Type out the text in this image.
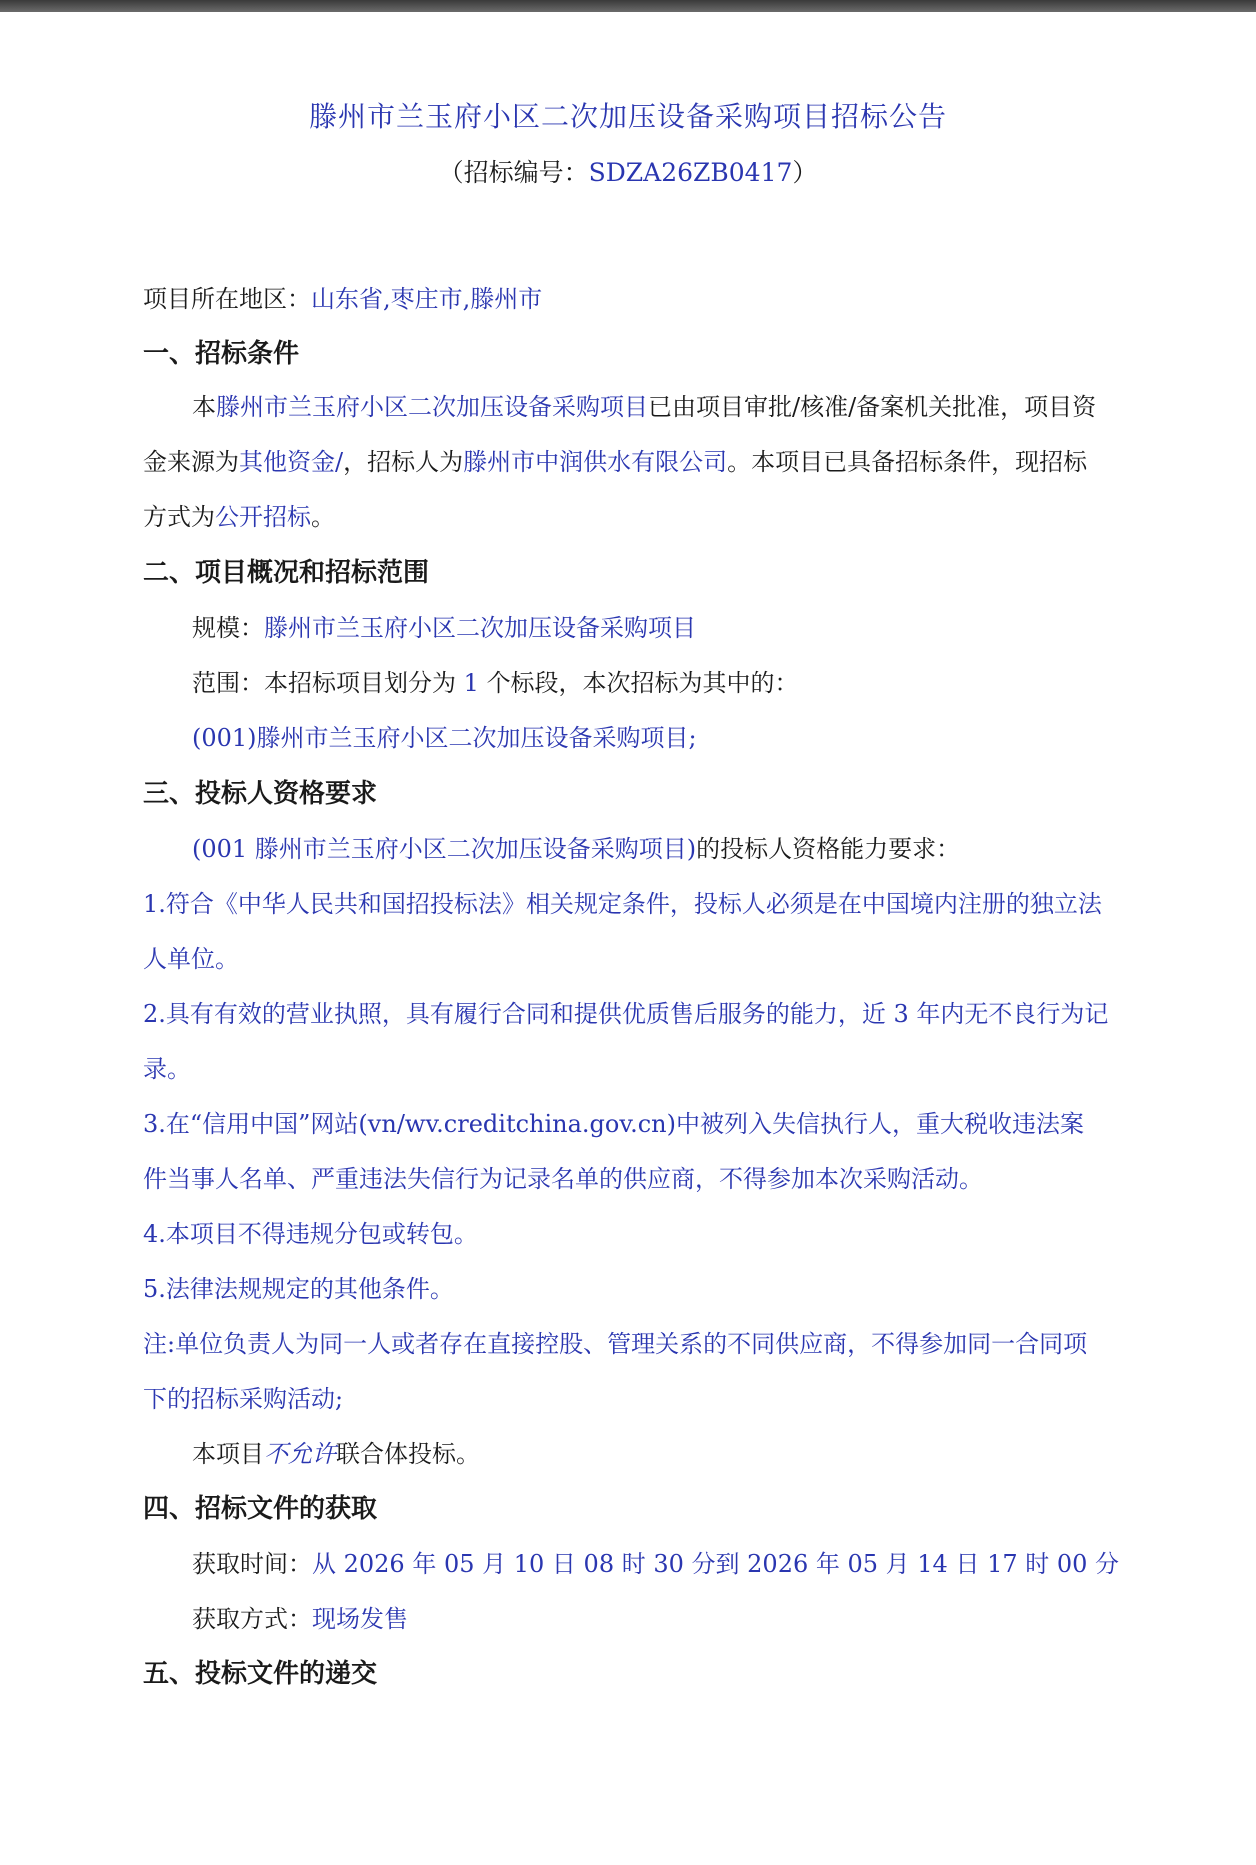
滕州市兰玉府小区二次加压设备采购项目招标公告
（招标编号：SDZA26ZB0417）
项目所在地区：山东省,枣庄市,滕州市
一、招标条件
本滕州市兰玉府小区二次加压设备采购项目已由项目审批/核准/备案机关批准，项目资
金来源为其他资金/，招标人为滕州市中润供水有限公司。本项目已具备招标条件，现招标
方式为公开招标。
二、项目概况和招标范围
规模：滕州市兰玉府小区二次加压设备采购项目
范围：本招标项目划分为 1 个标段，本次招标为其中的：
(001)滕州市兰玉府小区二次加压设备采购项目;
三、投标人资格要求
(001 滕州市兰玉府小区二次加压设备采购项目)的投标人资格能力要求：
1.符合《中华人民共和国招投标法》相关规定条件，投标人必须是在中国境内注册的独立法
人单位。
2.具有有效的营业执照，具有履行合同和提供优质售后服务的能力，近 3 年内无不良行为记
录。
3.在“信用中国”网站(vn/wv.creditchina.gov.cn)中被列入失信执行人，重大税收违法案
件当事人名单、严重违法失信行为记录名单的供应商，不得参加本次采购活动。
4.本项目不得违规分包或转包。
5.法律法规规定的其他条件。
注:单位负责人为同一人或者存在直接控股、管理关系的不同供应商，不得参加同一合同项
下的招标采购活动;
本项目不允许联合体投标。
四、招标文件的获取
获取时间：从 2026 年 05 月 10 日 08 时 30 分到 2026 年 05 月 14 日 17 时 00 分
获取方式：现场发售
五、投标文件的递交
